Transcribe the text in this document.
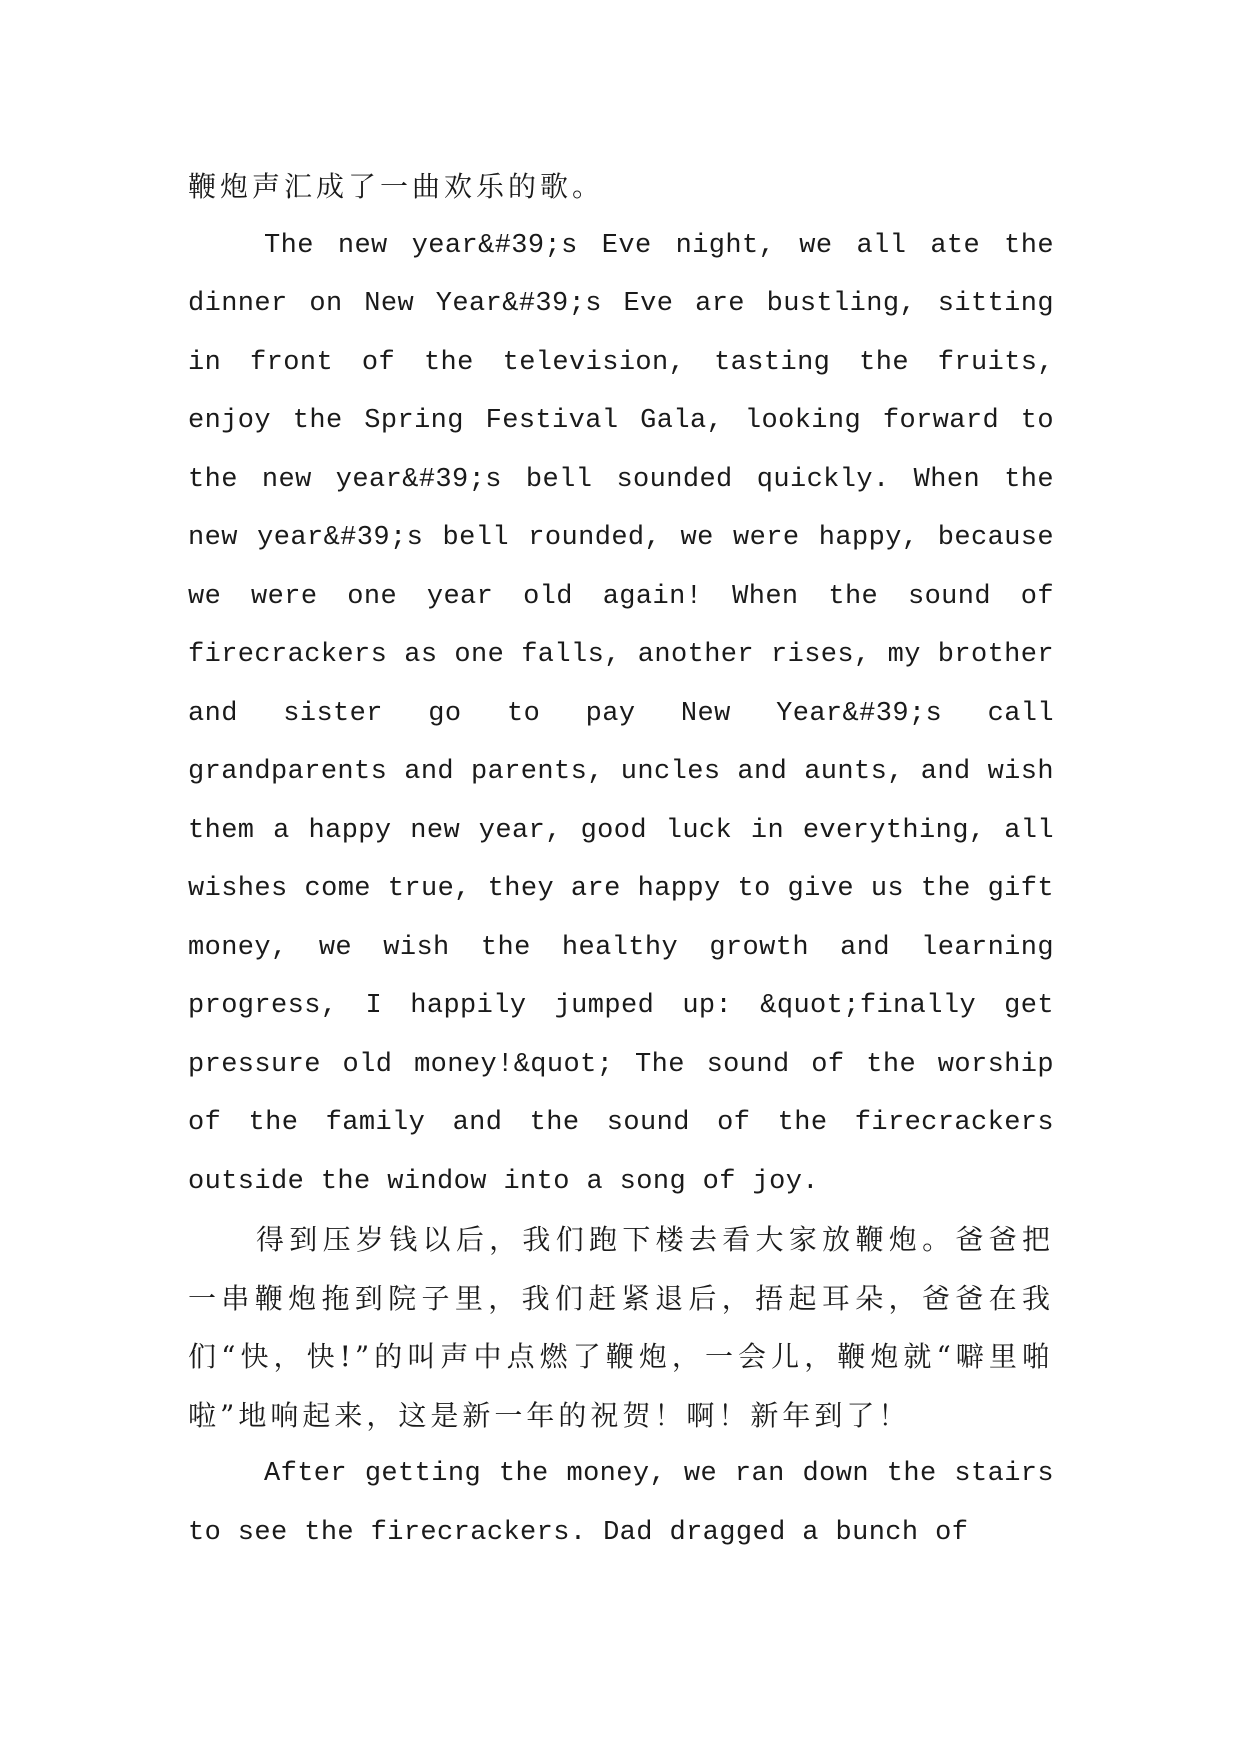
鞭炮声汇成了一曲欢乐的歌。

The new year&#39;s Eve night, we all ate the dinner on New Year&#39;s Eve are bustling, sitting in front of the television, tasting the fruits, enjoy the Spring Festival Gala, looking forward to the new year&#39;s bell sounded quickly. When the new year&#39;s bell rounded, we were happy, because we were one year old again! When the sound of firecrackers as one falls, another rises, my brother and sister go to pay New Year&#39;s call grandparents and parents, uncles and aunts, and wish them a happy new year, good luck in everything, all wishes come true, they are happy to give us the gift money, we wish the healthy growth and learning progress, I happily jumped up: &quot;finally get pressure old money!&quot; The sound of the worship of the family and the sound of the firecrackers outside the window into a song of joy.

得到压岁钱以后，我们跑下楼去看大家放鞭炮。爸爸把一串鞭炮拖到院子里，我们赶紧退后，捂起耳朵，爸爸在我们“快，快!”的叫声中点燃了鞭炮，一会儿，鞭炮就“噼里啪啦”地响起来，这是新一年的祝贺！啊！新年到了！

After getting the money, we ran down the stairs to see the firecrackers. Dad dragged a bunch of
